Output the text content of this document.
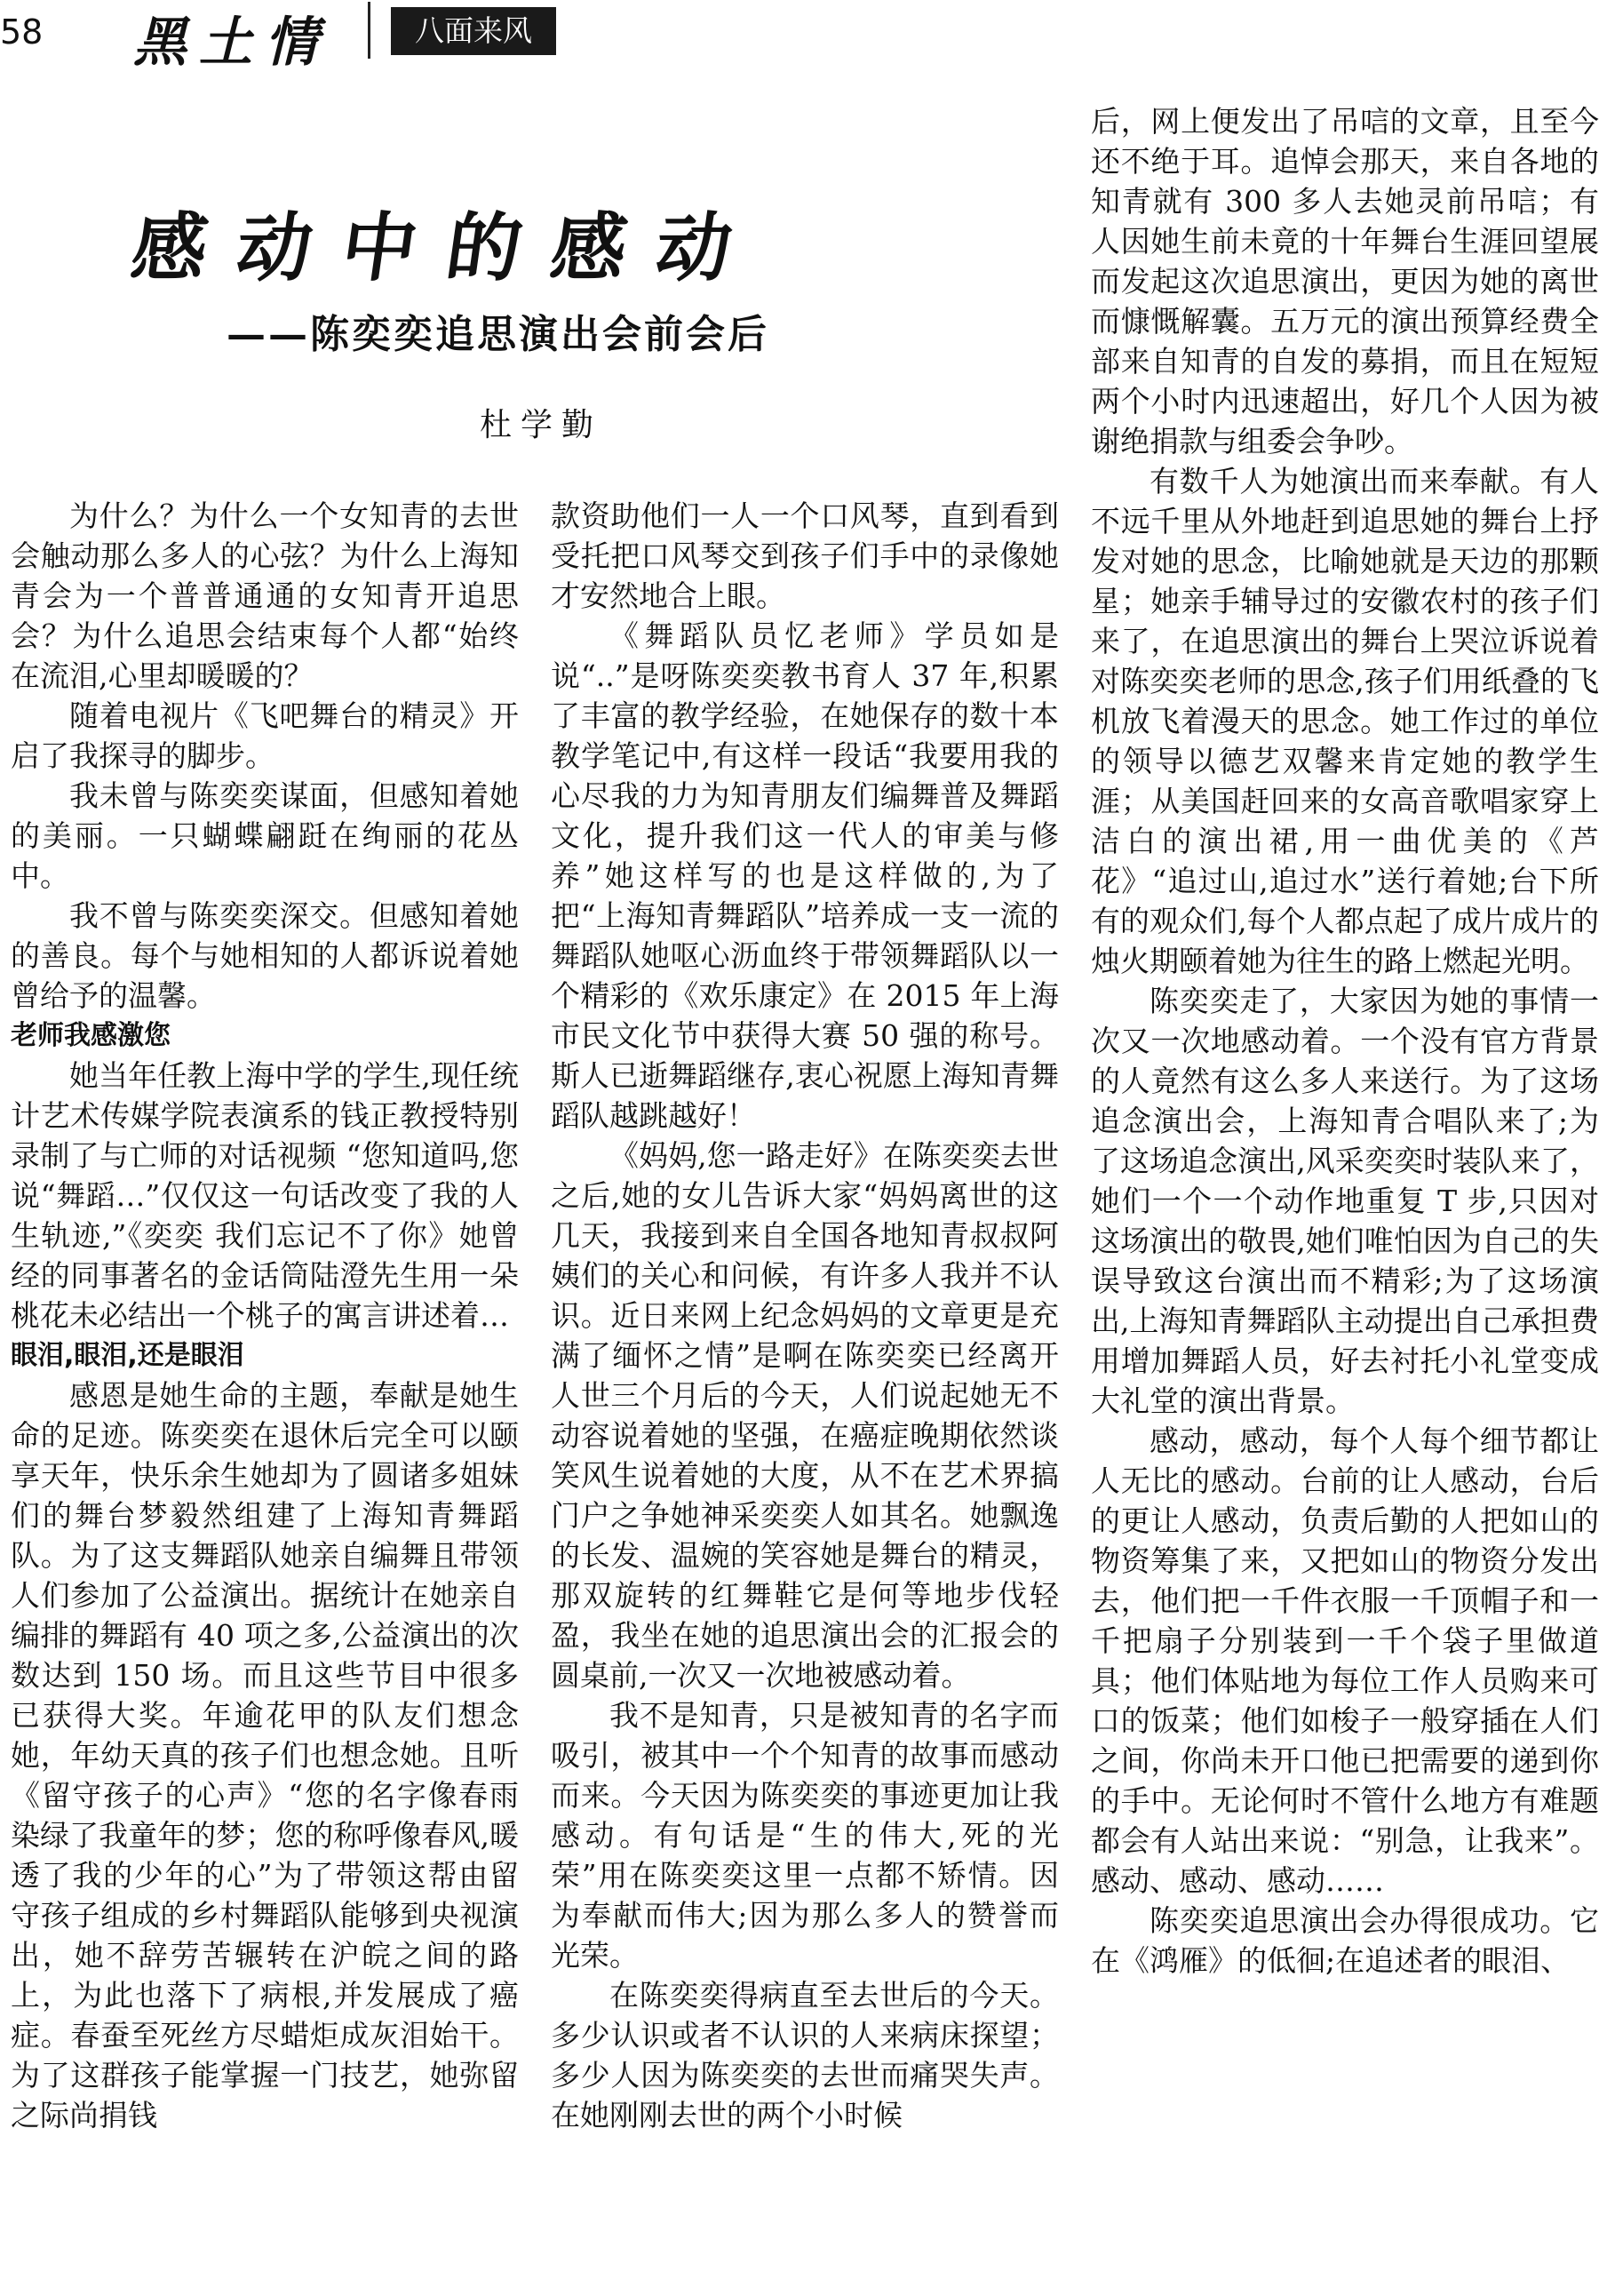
58 黑土情	八面来风
感动中的感动
——陈奕奕追思演出会前会后
杜学勤

为什么？为什么一个女知青的去世会触动那么多人的心弦？为什么上海知青会为一个普普通通的女知青开追思会？为什么追思会结束每个人都“始终在流泪,心里却暖暖的？

随着电视片《飞吧舞台的精灵》开启了我探寻的脚步。

我未曾与陈奕奕谋面，但感知着她的美丽。一只蝴蝶翩跹在绚丽的花丛中。

我不曾与陈奕奕深交。但感知着她的善良。每个与她相知的人都诉说着她曾给予的温馨。

老师我感激您

她当年任教上海中学的学生,现任统计艺术传媒学院表演系的钱正教授特别录制了与亡师的对话视频 “您知道吗,您说“舞蹈…”仅仅这一句话改变了我的人生轨迹,”《奕奕 我们忘记不了你》她曾经的同事著名的金话筒陆澄先生用一朵桃花未必结出一个桃子的寓言讲述着…

眼泪,眼泪,还是眼泪

感恩是她生命的主题，奉献是她生命的足迹。陈奕奕在退休后完全可以颐享天年，快乐余生她却为了圆诸多姐妹们的舞台梦毅然组建了上海知青舞蹈队。为了这支舞蹈队她亲自编舞且带领人们参加了公益演出。据统计在她亲自编排的舞蹈有 40 项之多,公益演出的次数达到 150 场。而且这些节目中很多已获得大奖。年逾花甲的队友们想念她，年幼天真的孩子们也想念她。且听《留守孩子的心声》“您的名字像春雨染绿了我童年的梦；您的称呼像春风,暖透了我的少年的心”为了带领这帮由留守孩子组成的乡村舞蹈队能够到央视演出，她不辞劳苦辗转在沪皖之间的路上，为此也落下了病根,并发展成了癌症。春蚕至死丝方尽蜡炬成灰泪始干。为了这群孩子能掌握一门技艺，她弥留之际尚捐钱

款资助他们一人一个口风琴，直到看到受托把口风琴交到孩子们手中的录像她才安然地合上眼。

《舞蹈队员忆老师》学员如是说“..”是呀陈奕奕教书育人 37 年,积累了丰富的教学经验，在她保存的数十本教学笔记中,有这样一段话“我要用我的心尽我的力为知青朋友们编舞普及舞蹈文化，提升我们这一代人的审美与修养”她这样写的也是这样做的,为了把“上海知青舞蹈队”培养成一支一流的舞蹈队她呕心沥血终于带领舞蹈队以一个精彩的《欢乐康定》在 2015 年上海市民文化节中获得大赛 50 强的称号。斯人已逝舞蹈继存,衷心祝愿上海知青舞蹈队越跳越好！

《妈妈,您一路走好》在陈奕奕去世之后,她的女儿告诉大家“妈妈离世的这几天，我接到来自全国各地知青叔叔阿姨们的关心和问候，有许多人我并不认识。近日来网上纪念妈妈的文章更是充满了缅怀之情”是啊在陈奕奕已经离开人世三个月后的今天，人们说起她无不动容说着她的坚强，在癌症晚期依然谈笑风生说着她的大度，从不在艺术界搞门户之争她神采奕奕人如其名。她飘逸的长发、温婉的笑容她是舞台的精灵，那双旋转的红舞鞋它是何等地步伐轻盈，我坐在她的追思演出会的汇报会的圆桌前,一次又一次地被感动着。

我不是知青，只是被知青的名字而吸引，被其中一个个知青的故事而感动而来。今天因为陈奕奕的事迹更加让我感动。有句话是“生的伟大,死的光荣”用在陈奕奕这里一点都不矫情。因为奉献而伟大;因为那么多人的赞誉而光荣。

在陈奕奕得病直至去世后的今天。多少认识或者不认识的人来病床探望；多少人因为陈奕奕的去世而痛哭失声。在她刚刚去世的两个小时候

后，网上便发出了吊唁的文章，且至今还不绝于耳。追悼会那天，来自各地的知青就有 300 多人去她灵前吊唁；有人因她生前未竟的十年舞台生涯回望展而发起这次追思演出，更因为她的离世而慷慨解囊。五万元的演出预算经费全部来自知青的自发的募捐，而且在短短两个小时内迅速超出，好几个人因为被谢绝捐款与组委会争吵。

有数千人为她演出而来奉献。有人不远千里从外地赶到追思她的舞台上抒发对她的思念，比喻她就是天边的那颗星；她亲手辅导过的安徽农村的孩子们来了，在追思演出的舞台上哭泣诉说着对陈奕奕老师的思念,孩子们用纸叠的飞机放飞着漫天的思念。她工作过的单位的领导以德艺双馨来肯定她的教学生涯；从美国赶回来的女高音歌唱家穿上洁白的演出裙,用一曲优美的《芦花》“追过山,追过水”送行着她;台下所有的观众们,每个人都点起了成片成片的烛火期颐着她为往生的路上燃起光明。

陈奕奕走了，大家因为她的事情一次又一次地感动着。一个没有官方背景的人竟然有这么多人来送行。为了这场追念演出会，上海知青合唱队来了;为了这场追念演出,风采奕奕时装队来了，她们一个一个动作地重复 T 步,只因对这场演出的敬畏,她们唯怕因为自己的失误导致这台演出而不精彩;为了这场演出,上海知青舞蹈队主动提出自己承担费用增加舞蹈人员，好去衬托小礼堂变成大礼堂的演出背景。

感动，感动，每个人每个细节都让人无比的感动。台前的让人感动，台后的更让人感动，负责后勤的人把如山的物资筹集了来，又把如山的物资分发出去，他们把一千件衣服一千顶帽子和一千把扇子分别装到一千个袋子里做道具；他们体贴地为每位工作人员购来可口的饭菜；他们如梭子一般穿插在人们之间，你尚未开口他已把需要的递到你的手中。无论何时不管什么地方有难题都会有人站出来说：“别急，让我来”。感动、感动、感动……

陈奕奕追思演出会办得很成功。它在《鸿雁》的低徊;在追述者的眼泪、
